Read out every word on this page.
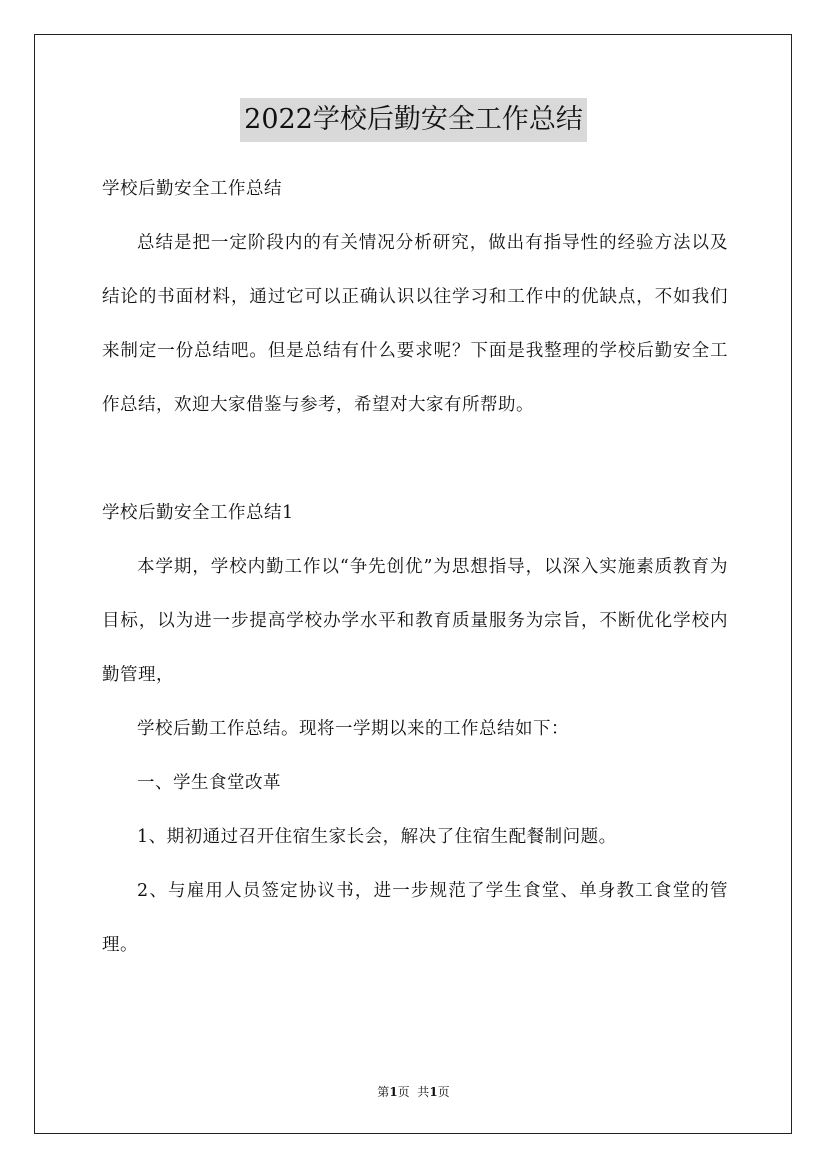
2022学校后勤安全工作总结

学校后勤安全工作总结

总结是把一定阶段内的有关情况分析研究，做出有指导性的经验方法以及结论的书面材料，通过它可以正确认识以往学习和工作中的优缺点，不如我们来制定一份总结吧。但是总结有什么要求呢？下面是我整理的学校后勤安全工作总结，欢迎大家借鉴与参考，希望对大家有所帮助。

学校后勤安全工作总结1

本学期，学校内勤工作以“争先创优”为思想指导，以深入实施素质教育为目标，以为进一步提高学校办学水平和教育质量服务为宗旨，不断优化学校内勤管理，

学校后勤工作总结。现将一学期以来的工作总结如下：

一、学生食堂改革

1、期初通过召开住宿生家长会，解决了住宿生配餐制问题。

2、与雇用人员签定协议书，进一步规范了学生食堂、单身教工食堂的管理。

第1页  共1页
